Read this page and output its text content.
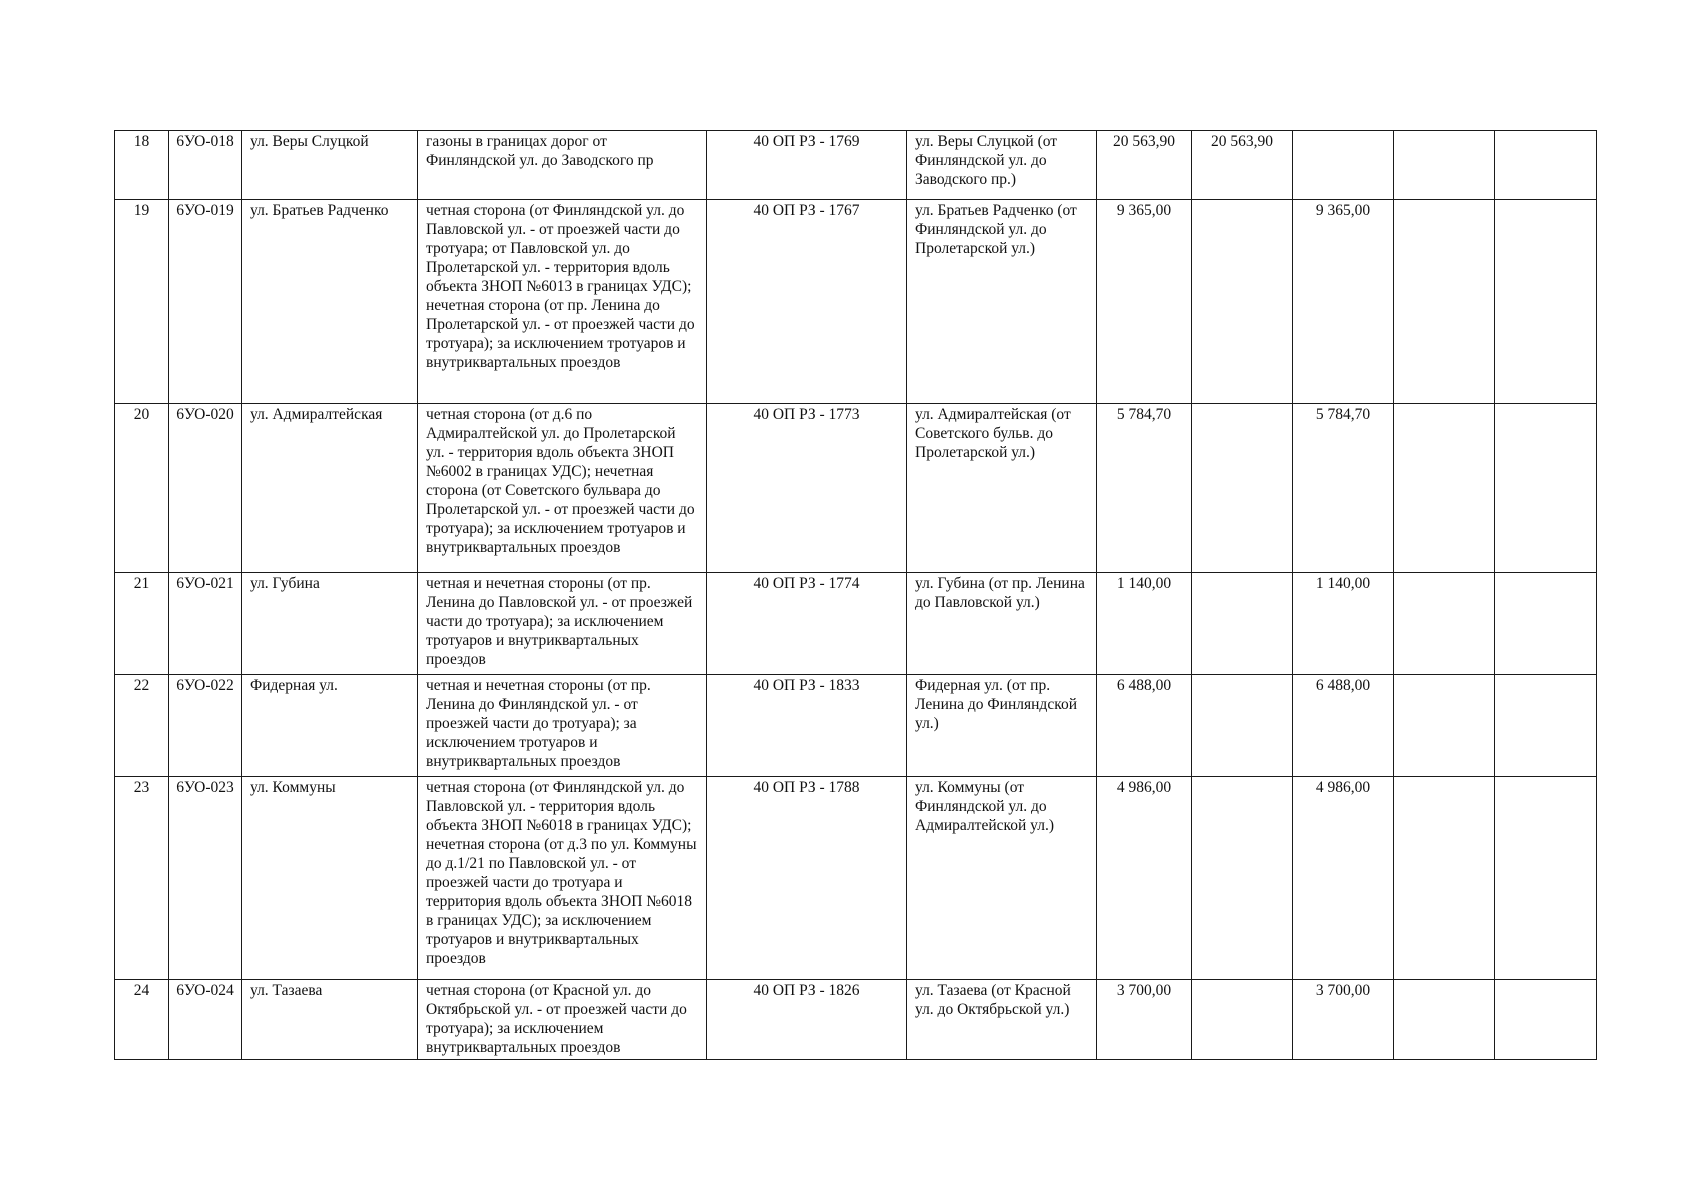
18	6УО-018	ул. Веры Слуцкой	газоны в границах дорог от Финляндской ул. до Заводского пр	40 ОП РЗ - 1769	ул. Веры Слуцкой (от Финляндской ул. до Заводского пр.)	20 563,90	20 563,90			
19	6УО-019	ул. Братьев Радченко	четная сторона (от Финляндской ул. до Павловской ул. - от проезжей части до тротуара; от Павловской ул. до Пролетарской ул. - территория вдоль объекта ЗНОП №6013 в границах УДС); нечетная сторона (от пр. Ленина до Пролетарской ул. - от проезжей части до тротуара); за исключением тротуаров и внутриквартальных проездов	40 ОП РЗ - 1767	ул. Братьев Радченко (от Финляндской ул. до Пролетарской ул.)	9 365,00		9 365,00		
20	6УО-020	ул. Адмиралтейская	четная сторона (от д.6 по Адмиралтейской ул. до Пролетарской ул. - территория вдоль объекта ЗНОП №6002 в границах УДС); нечетная сторона (от Советского бульвара до Пролетарской ул. - от проезжей части до тротуара); за исключением тротуаров и внутриквартальных проездов	40 ОП РЗ - 1773	ул. Адмиралтейская (от Советского бульв. до Пролетарской ул.)	5 784,70		5 784,70		
21	6УО-021	ул. Губина	четная и нечетная стороны (от пр. Ленина до Павловской ул. - от проезжей части до тротуара); за исключением тротуаров и внутриквартальных проездов	40 ОП РЗ - 1774	ул. Губина (от пр. Ленина до Павловской ул.)	1 140,00		1 140,00		
22	6УО-022	Фидерная ул.	четная и нечетная стороны (от пр. Ленина до Финляндской ул. - от проезжей части до тротуара); за исключением тротуаров и внутриквартальных проездов	40 ОП РЗ - 1833	Фидерная ул. (от пр. Ленина до Финляндской ул.)	6 488,00		6 488,00		
23	6УО-023	ул. Коммуны	четная сторона (от Финляндской ул. до Павловской ул. - территория вдоль объекта ЗНОП №6018 в границах УДС); нечетная сторона (от д.3 по ул. Коммуны до д.1/21 по Павловской ул. - от проезжей части до тротуара и территория вдоль объекта ЗНОП №6018 в границах УДС); за исключением тротуаров и внутриквартальных проездов	40 ОП РЗ - 1788	ул. Коммуны (от Финляндской ул. до Адмиралтейской ул.)	4 986,00		4 986,00		
24	6УО-024	ул. Тазаева	четная сторона (от Красной ул. до Октябрьской ул. - от проезжей части до тротуара); за исключением внутриквартальных проездов	40 ОП РЗ - 1826	ул. Тазаева (от Красной ул. до Октябрьской ул.)	3 700,00		3 700,00		
